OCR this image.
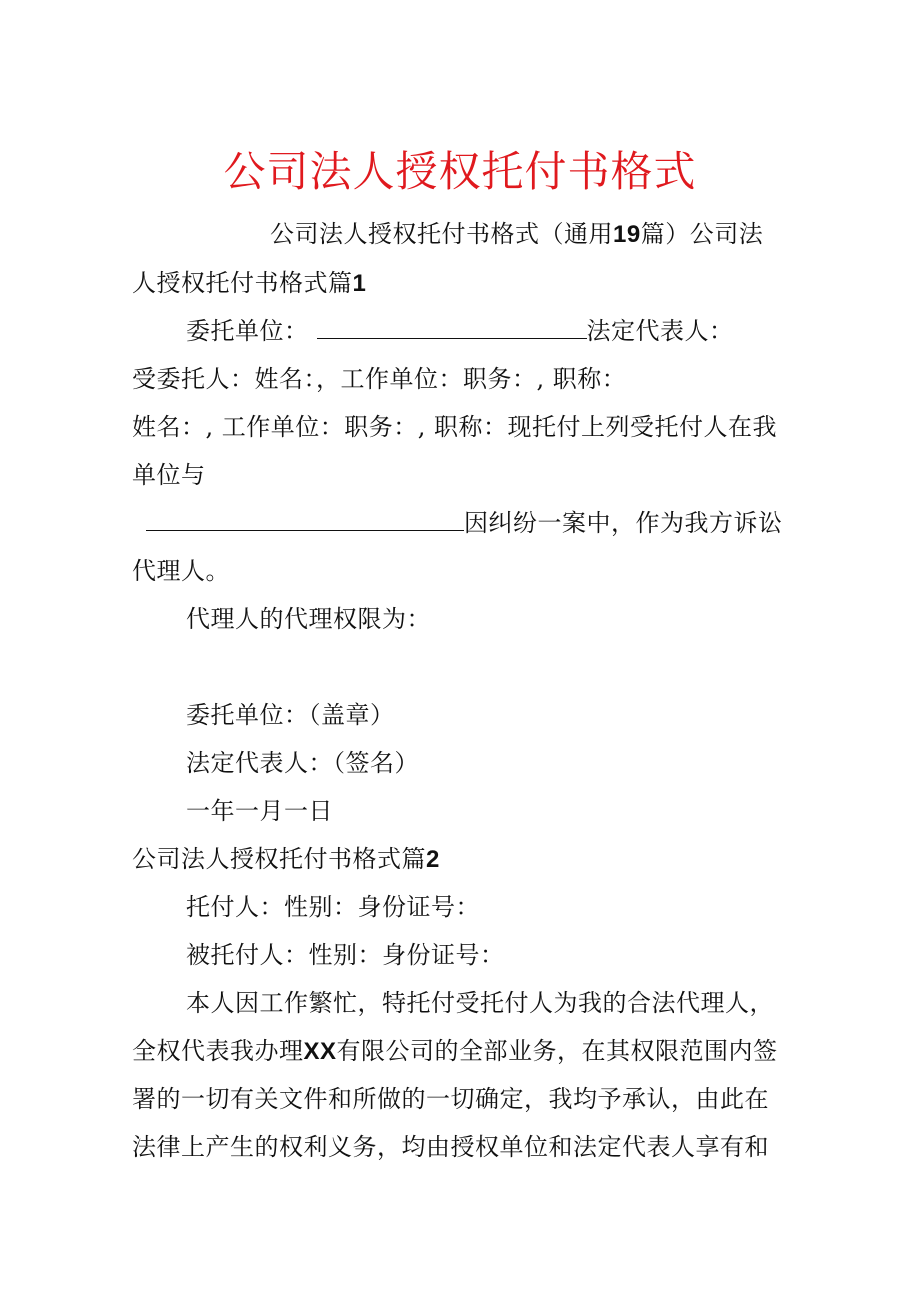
公司法人授权托付书格式
公司法人授权托付书格式（通用19篇）公司法
人授权托付书格式篇1
委托单位：	法定代表人：
受委托人：姓名：，工作单位：职务：, 职称：
姓名：, 工作单位：职务：, 职称：现托付上列受托付人在我
单位与
因纠纷一案中，作为我方诉讼
代理人。
代理人的代理权限为：
委托单位：（盖章）
法定代表人：（签名）
一年一月一日
公司法人授权托付书格式篇2
托付人：性别：身份证号：
被托付人：性别：身份证号：
本人因工作繁忙，特托付受托付人为我的合法代理人，
全权代表我办理XX有限公司的全部业务，在其权限范围内签
署的一切有关文件和所做的一切确定，我均予承认，由此在
法律上产生的权利义务，均由授权单位和法定代表人享有和
